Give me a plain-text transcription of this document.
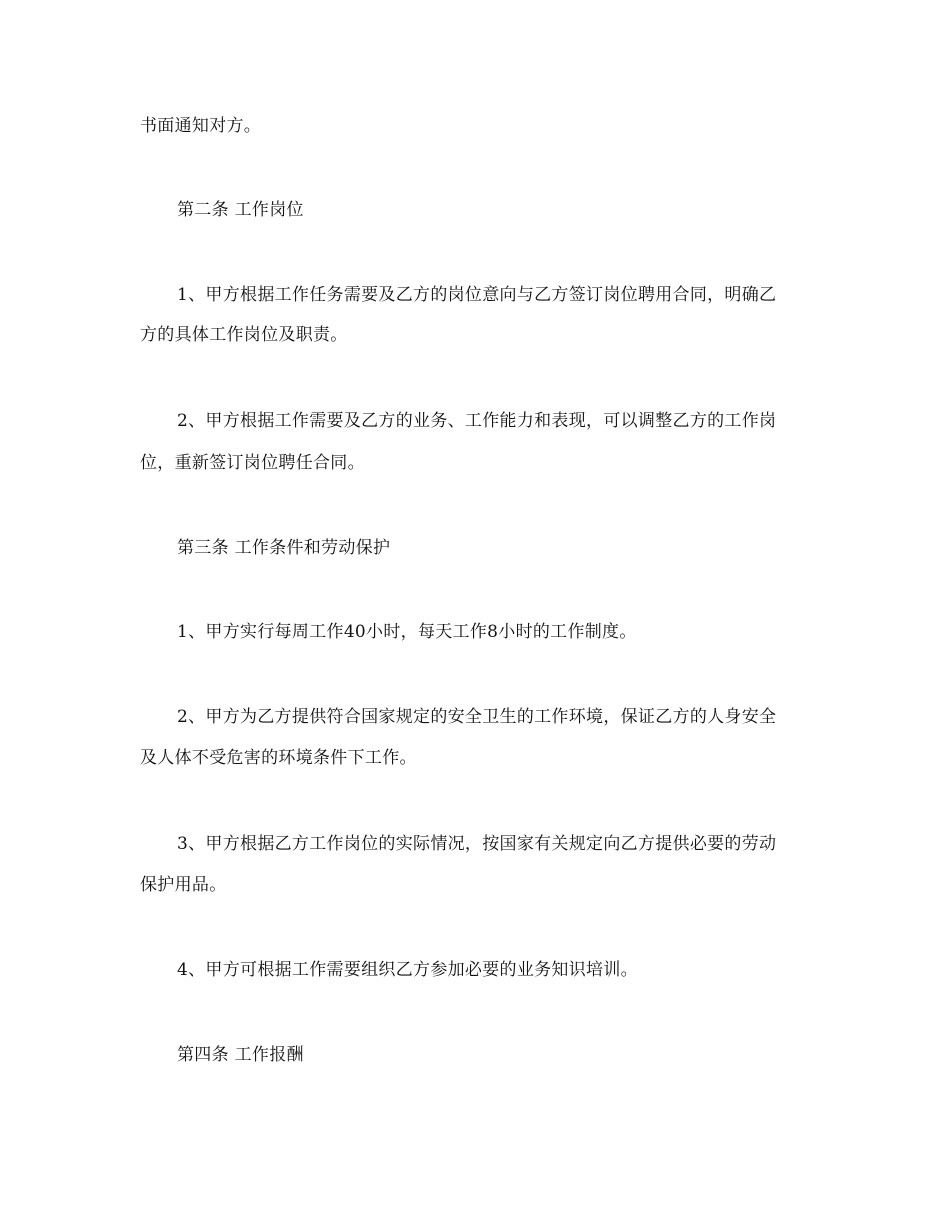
书面通知对方。
第二条 工作岗位
1、甲方根据工作任务需要及乙方的岗位意向与乙方签订岗位聘用合同，明确乙
方的具体工作岗位及职责。
2、甲方根据工作需要及乙方的业务、工作能力和表现，可以调整乙方的工作岗
位，重新签订岗位聘任合同。
第三条 工作条件和劳动保护
1、甲方实行每周工作40小时，每天工作8小时的工作制度。
2、甲方为乙方提供符合国家规定的安全卫生的工作环境，保证乙方的人身安全
及人体不受危害的环境条件下工作。
3、甲方根据乙方工作岗位的实际情况，按国家有关规定向乙方提供必要的劳动
保护用品。
4、甲方可根据工作需要组织乙方参加必要的业务知识培训。
第四条 工作报酬
